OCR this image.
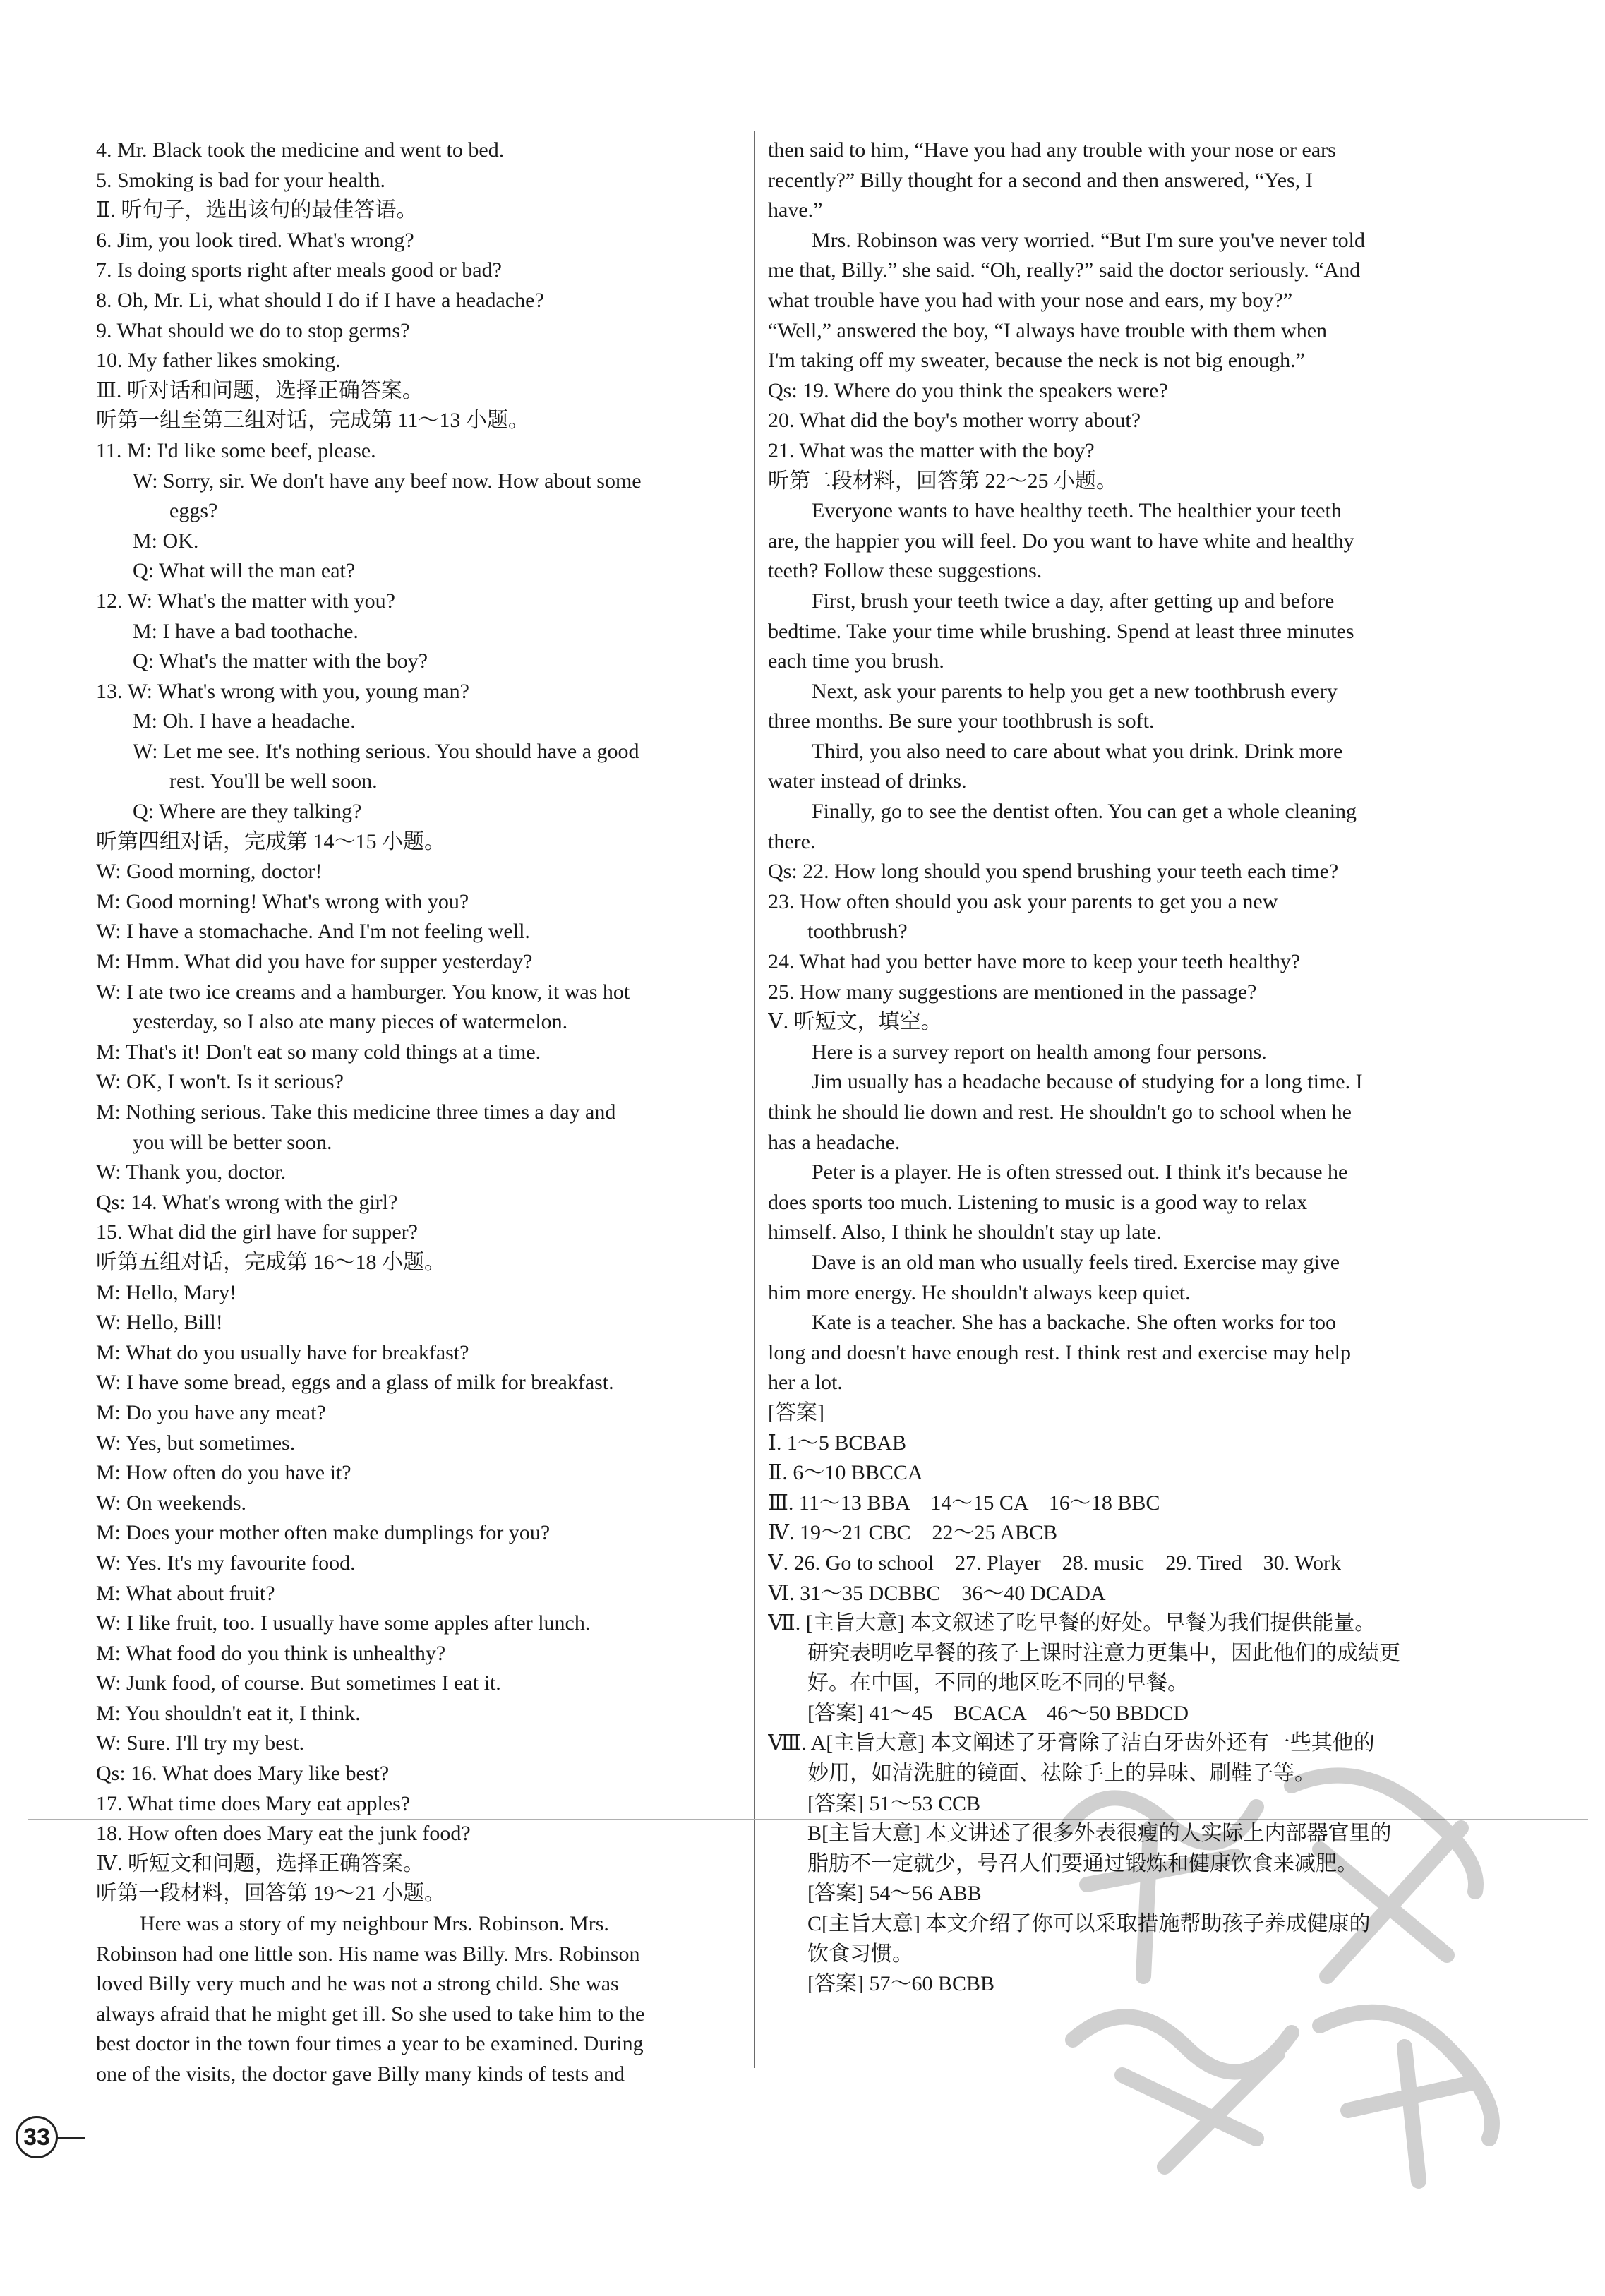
4. Mr. Black took the medicine and went to bed.
5. Smoking is bad for your health.
Ⅱ. 听句子，选出该句的最佳答语。
6. Jim, you look tired. What's wrong?
7. Is doing sports right after meals good or bad?
8. Oh, Mr. Li, what should I do if I have a headache?
9. What should we do to stop germs?
10. My father likes smoking.
Ⅲ. 听对话和问题，选择正确答案。
听第一组至第三组对话，完成第 11～13 小题。
11. M: I'd like some beef, please.
W: Sorry, sir. We don't have any beef now. How about some
eggs?
M: OK.
Q: What will the man eat?
12. W: What's the matter with you?
M: I have a bad toothache.
Q: What's the matter with the boy?
13. W: What's wrong with you, young man?
M: Oh. I have a headache.
W: Let me see. It's nothing serious. You should have a good
rest. You'll be well soon.
Q: Where are they talking?
听第四组对话，完成第 14～15 小题。
W: Good morning, doctor!
M: Good morning! What's wrong with you?
W: I have a stomachache. And I'm not feeling well.
M: Hmm. What did you have for supper yesterday?
W: I ate two ice creams and a hamburger. You know, it was hot
yesterday, so I also ate many pieces of watermelon.
M: That's it! Don't eat so many cold things at a time.
W: OK, I won't. Is it serious?
M: Nothing serious. Take this medicine three times a day and
you will be better soon.
W: Thank you, doctor.
Qs: 14. What's wrong with the girl?
15. What did the girl have for supper?
听第五组对话，完成第 16～18 小题。
M: Hello, Mary!
W: Hello, Bill!
M: What do you usually have for breakfast?
W: I have some bread, eggs and a glass of milk for breakfast.
M: Do you have any meat?
W: Yes, but sometimes.
M: How often do you have it?
W: On weekends.
M: Does your mother often make dumplings for you?
W: Yes. It's my favourite food.
M: What about fruit?
W: I like fruit, too. I usually have some apples after lunch.
M: What food do you think is unhealthy?
W: Junk food, of course. But sometimes I eat it.
M: You shouldn't eat it, I think.
W: Sure. I'll try my best.
Qs: 16. What does Mary like best?
17. What time does Mary eat apples?
18. How often does Mary eat the junk food?
Ⅳ. 听短文和问题，选择正确答案。
听第一段材料，回答第 19～21 小题。
Here was a story of my neighbour Mrs. Robinson. Mrs.
Robinson had one little son. His name was Billy. Mrs. Robinson
loved Billy very much and he was not a strong child. She was
always afraid that he might get ill. So she used to take him to the
best doctor in the town four times a year to be examined. During
one of the visits, the doctor gave Billy many kinds of tests and
then said to him, “Have you had any trouble with your nose or ears
recently?” Billy thought for a second and then answered, “Yes, I
have.”
Mrs. Robinson was very worried. “But I'm sure you've never told
me that, Billy.” she said. “Oh, really?” said the doctor seriously. “And
what trouble have you had with your nose and ears, my boy?”
“Well,” answered the boy, “I always have trouble with them when
I'm taking off my sweater, because the neck is not big enough.”
Qs: 19. Where do you think the speakers were?
20. What did the boy's mother worry about?
21. What was the matter with the boy?
听第二段材料，回答第 22～25 小题。
Everyone wants to have healthy teeth. The healthier your teeth
are, the happier you will feel. Do you want to have white and healthy
teeth? Follow these suggestions.
First, brush your teeth twice a day, after getting up and before
bedtime. Take your time while brushing. Spend at least three minutes
each time you brush.
Next, ask your parents to help you get a new toothbrush every
three months. Be sure your toothbrush is soft.
Third, you also need to care about what you drink. Drink more
water instead of drinks.
Finally, go to see the dentist often. You can get a whole cleaning
there.
Qs: 22. How long should you spend brushing your teeth each time?
23. How often should you ask your parents to get you a new
toothbrush?
24. What had you better have more to keep your teeth healthy?
25. How many suggestions are mentioned in the passage?
Ⅴ. 听短文，填空。
Here is a survey report on health among four persons.
Jim usually has a headache because of studying for a long time. I
think he should lie down and rest. He shouldn't go to school when he
has a headache.
Peter is a player. He is often stressed out. I think it's because he
does sports too much. Listening to music is a good way to relax
himself. Also, I think he shouldn't stay up late.
Dave is an old man who usually feels tired. Exercise may give
him more energy. He shouldn't always keep quiet.
Kate is a teacher. She has a backache. She often works for too
long and doesn't have enough rest. I think rest and exercise may help
her a lot.
[答案]
Ⅰ. 1～5 BCBAB
Ⅱ. 6～10 BBCCA
Ⅲ. 11～13 BBA　14～15 CA　16～18 BBC
Ⅳ. 19～21 CBC　22～25 ABCB
Ⅴ. 26. Go to school　27. Player　28. music　29. Tired　30. Work
Ⅵ. 31～35 DCBBC　36～40 DCADA
Ⅶ. [主旨大意] 本文叙述了吃早餐的好处。早餐为我们提供能量。
研究表明吃早餐的孩子上课时注意力更集中，因此他们的成绩更
好。在中国，不同的地区吃不同的早餐。
[答案] 41～45　BCACA　46～50 BBDCD
Ⅷ. A[主旨大意] 本文阐述了牙膏除了洁白牙齿外还有一些其他的
妙用，如清洗脏的镜面、祛除手上的异味、刷鞋子等。
[答案] 51～53 CCB
B[主旨大意] 本文讲述了很多外表很瘦的人实际上内部器官里的
脂肪不一定就少，号召人们要通过锻炼和健康饮食来减肥。
[答案] 54～56 ABB
C[主旨大意] 本文介绍了你可以采取措施帮助孩子养成健康的
饮食习惯。
[答案] 57～60 BCBB
33
